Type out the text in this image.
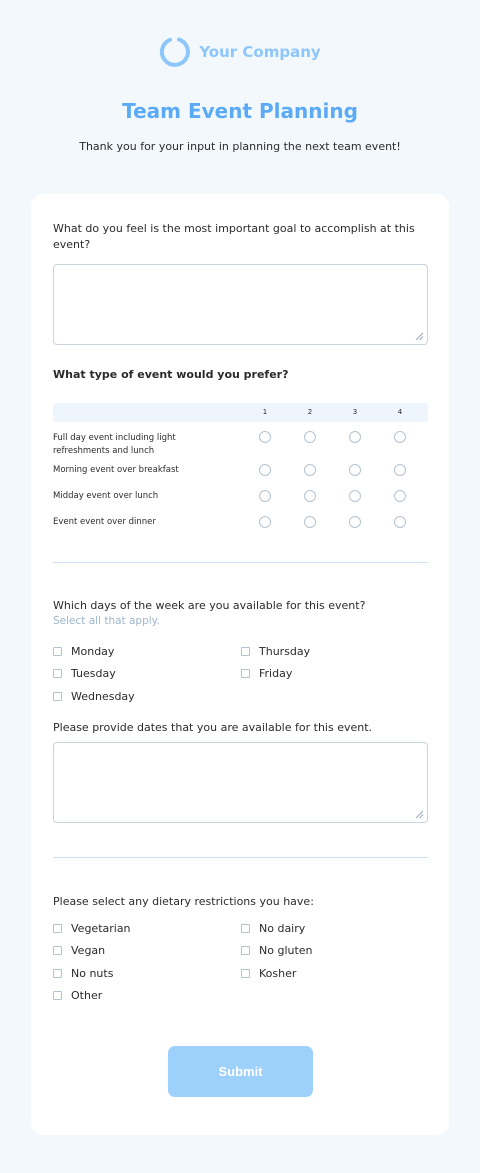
Your Company
Team Event Planning
Thank you for your input in planning the next team event!
What do you feel is the most important goal to accomplish at this event?
What type of event would you prefer?
1	2	3	4
Full day event including light refreshments and lunch
Morning event over breakfast
Midday event over lunch
Event event over dinner
Which days of the week are you available for this event?
Select all that apply.
Monday	Thursday
Tuesday	Friday
Wednesday
Please provide dates that you are available for this event.
Please select any dietary restrictions you have:
Vegetarian	No dairy
Vegan	No gluten
No nuts	Kosher
Other
Submit
